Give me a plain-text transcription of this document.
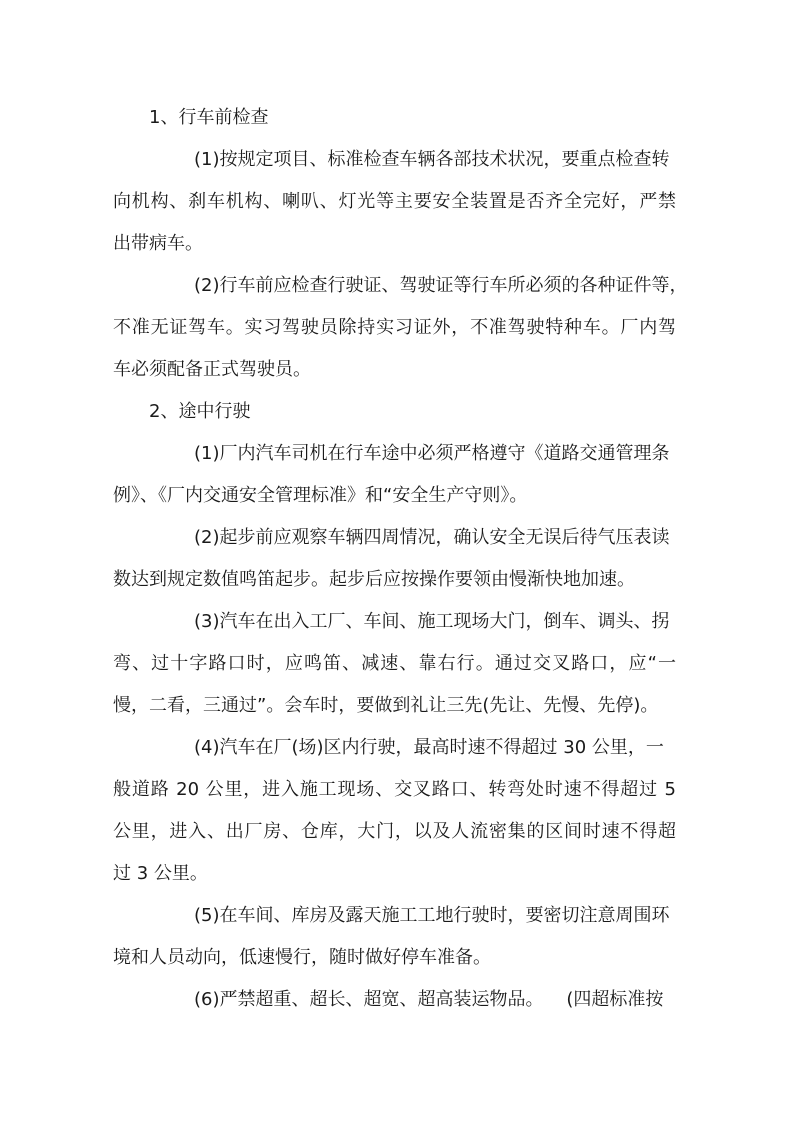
1、行车前检查
(1)按规定项目、标准检查车辆各部技术状况，要重点检查转
向机构、刹车机构、喇叭、灯光等主要安全装置是否齐全完好，严禁
出带病车。
(2)行车前应检查行驶证、驾驶证等行车所必须的各种证件等，
不准无证驾车。实习驾驶员除持实习证外，不准驾驶特种车。厂内驾
车必须配备正式驾驶员。
2、途中行驶
(1)厂内汽车司机在行车途中必须严格遵守《道路交通管理条
例》、《厂内交通安全管理标准》和“安全生产守则》。
(2)起步前应观察车辆四周情况，确认安全无误后待气压表读
数达到规定数值鸣笛起步。起步后应按操作要领由慢渐快地加速。
(3)汽车在出入工厂、车间、施工现场大门，倒车、调头、拐
弯、过十字路口时，应鸣笛、减速、靠右行。通过交叉路口，应“一
慢，二看，三通过”。会车时，要做到礼让三先(先让、先慢、先停)。
(4)汽车在厂(场)区内行驶，最高时速不得超过 30 公里，一
般道路 20 公里，进入施工现场、交叉路口、转弯处时速不得超过 5
公里，进入、出厂房、仓库，大门，以及人流密集的区间时速不得超
过 3 公里。
(5)在车间、库房及露天施工工地行驶时，要密切注意周围环
境和人员动向，低速慢行，随时做好停车准备。
(6)严禁超重、超长、超宽、超高装运物品。    (四超标准按
